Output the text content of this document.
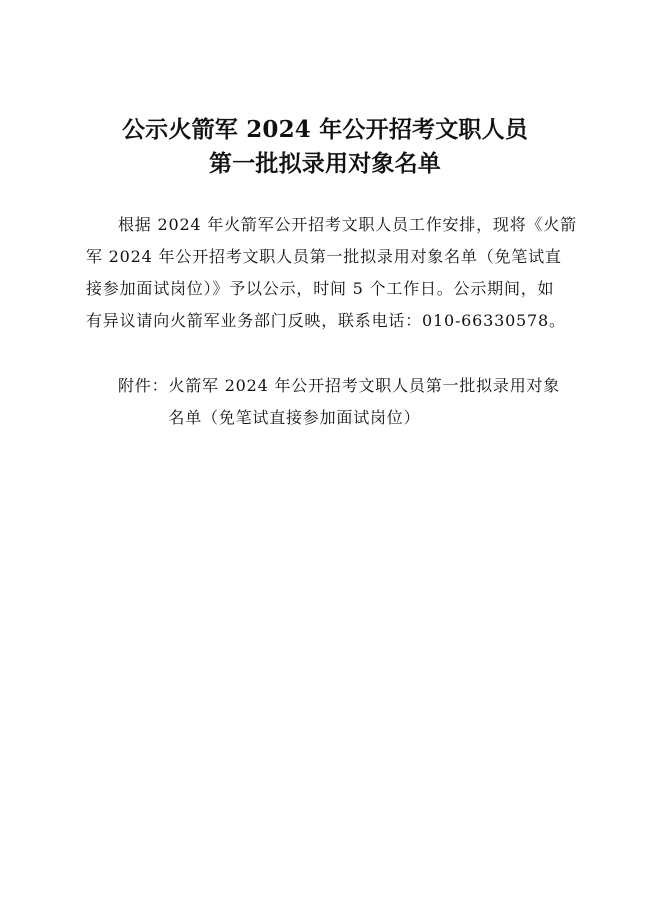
公示火箭军 2024 年公开招考文职人员
第一批拟录用对象名单
根据 2024 年火箭军公开招考文职人员工作安排，现将《火箭
军 2024 年公开招考文职人员第一批拟录用对象名单（免笔试直
接参加面试岗位）》予以公示，时间 5 个工作日。公示期间，如
有异议请向火箭军业务部门反映，联系电话：010-66330578。
附件： 火箭军 2024 年公开招考文职人员第一批拟录用对象
名单（免笔试直接参加面试岗位）
